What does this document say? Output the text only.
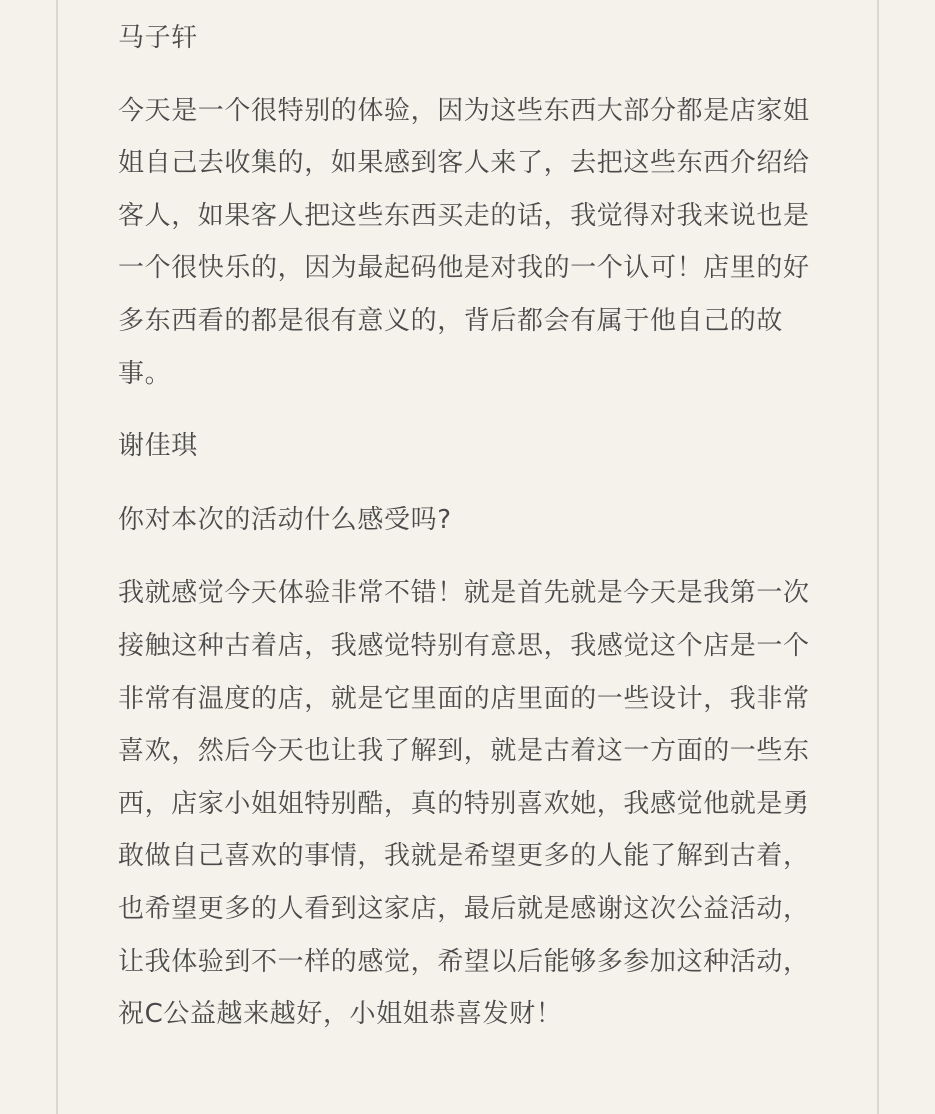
马子轩

今天是一个很特别的体验，因为这些东西大部分都是店家姐姐自己去收集的，如果感到客人来了，去把这些东西介绍给客人，如果客人把这些东西买走的话，我觉得对我来说也是一个很快乐的，因为最起码他是对我的一个认可！店里的好多东西看的都是很有意义的，背后都会有属于他自己的故事。

谢佳琪

你对本次的活动什么感受吗?

我就感觉今天体验非常不错！就是首先就是今天是我第一次接触这种古着店，我感觉特别有意思，我感觉这个店是一个非常有温度的店，就是它里面的店里面的一些设计，我非常喜欢，然后今天也让我了解到，就是古着这一方面的一些东西，店家小姐姐特别酷，真的特别喜欢她，我感觉他就是勇敢做自己喜欢的事情，我就是希望更多的人能了解到古着，也希望更多的人看到这家店，最后就是感谢这次公益活动，让我体验到不一样的感觉，希望以后能够多参加这种活动，祝C公益越来越好，小姐姐恭喜发财！
